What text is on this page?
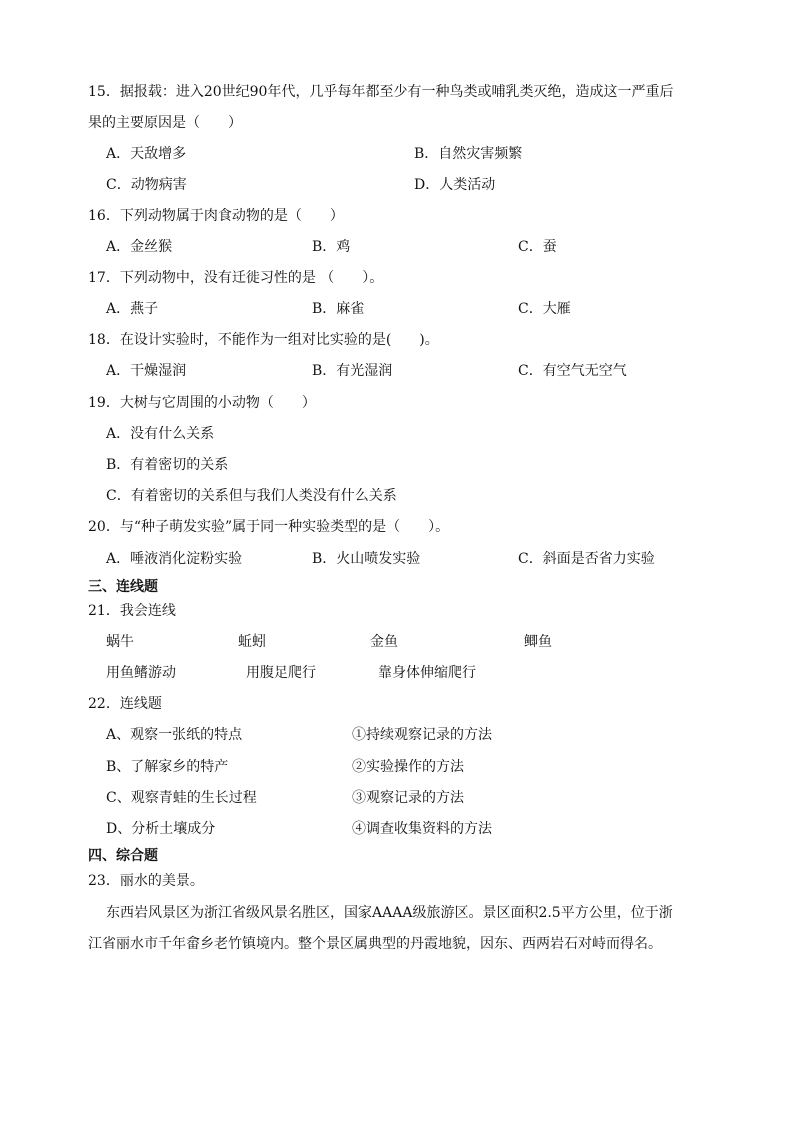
15．据报载：进入20世纪90年代，几乎每年都至少有一种鸟类或哺乳类灭绝，造成这一严重后
果的主要原因是（　　）
A．天敌增多	B．自然灾害频繁
C．动物病害	D．人类活动
16．下列动物属于肉食动物的是（　　）
A．金丝猴	B．鸡	C．蚕
17．下列动物中，没有迁徙习性的是 （　　）。
A．燕子	B．麻雀	C．大雁
18．在设计实验时，不能作为一组对比实验的是(　　)。
A．干燥湿润	B．有光湿润	C．有空气无空气
19．大树与它周围的小动物（　　）
A．没有什么关系
B．有着密切的关系
C．有着密切的关系但与我们人类没有什么关系
20．与“种子萌发实验”属于同一种实验类型的是（　　）。
A．唾液消化淀粉实验	B．火山喷发实验	C．斜面是否省力实验
三、连线题
21．我会连线
蜗牛	蚯蚓	金鱼	鲫鱼
用鱼鳍游动	用腹足爬行	靠身体伸缩爬行
22．连线题
A、观察一张纸的特点	①持续观察记录的方法
B、了解家乡的特产	②实验操作的方法
C、观察青蛙的生长过程	③观察记录的方法
D、分析土壤成分	④调查收集资料的方法
四、综合题
23．丽水的美景。
东西岩风景区为浙江省级风景名胜区，国家AAAA级旅游区。景区面积2.5平方公里，位于浙
江省丽水市千年畲乡老竹镇境内。整个景区属典型的丹霞地貌，因东、西两岩石对峙而得名。
